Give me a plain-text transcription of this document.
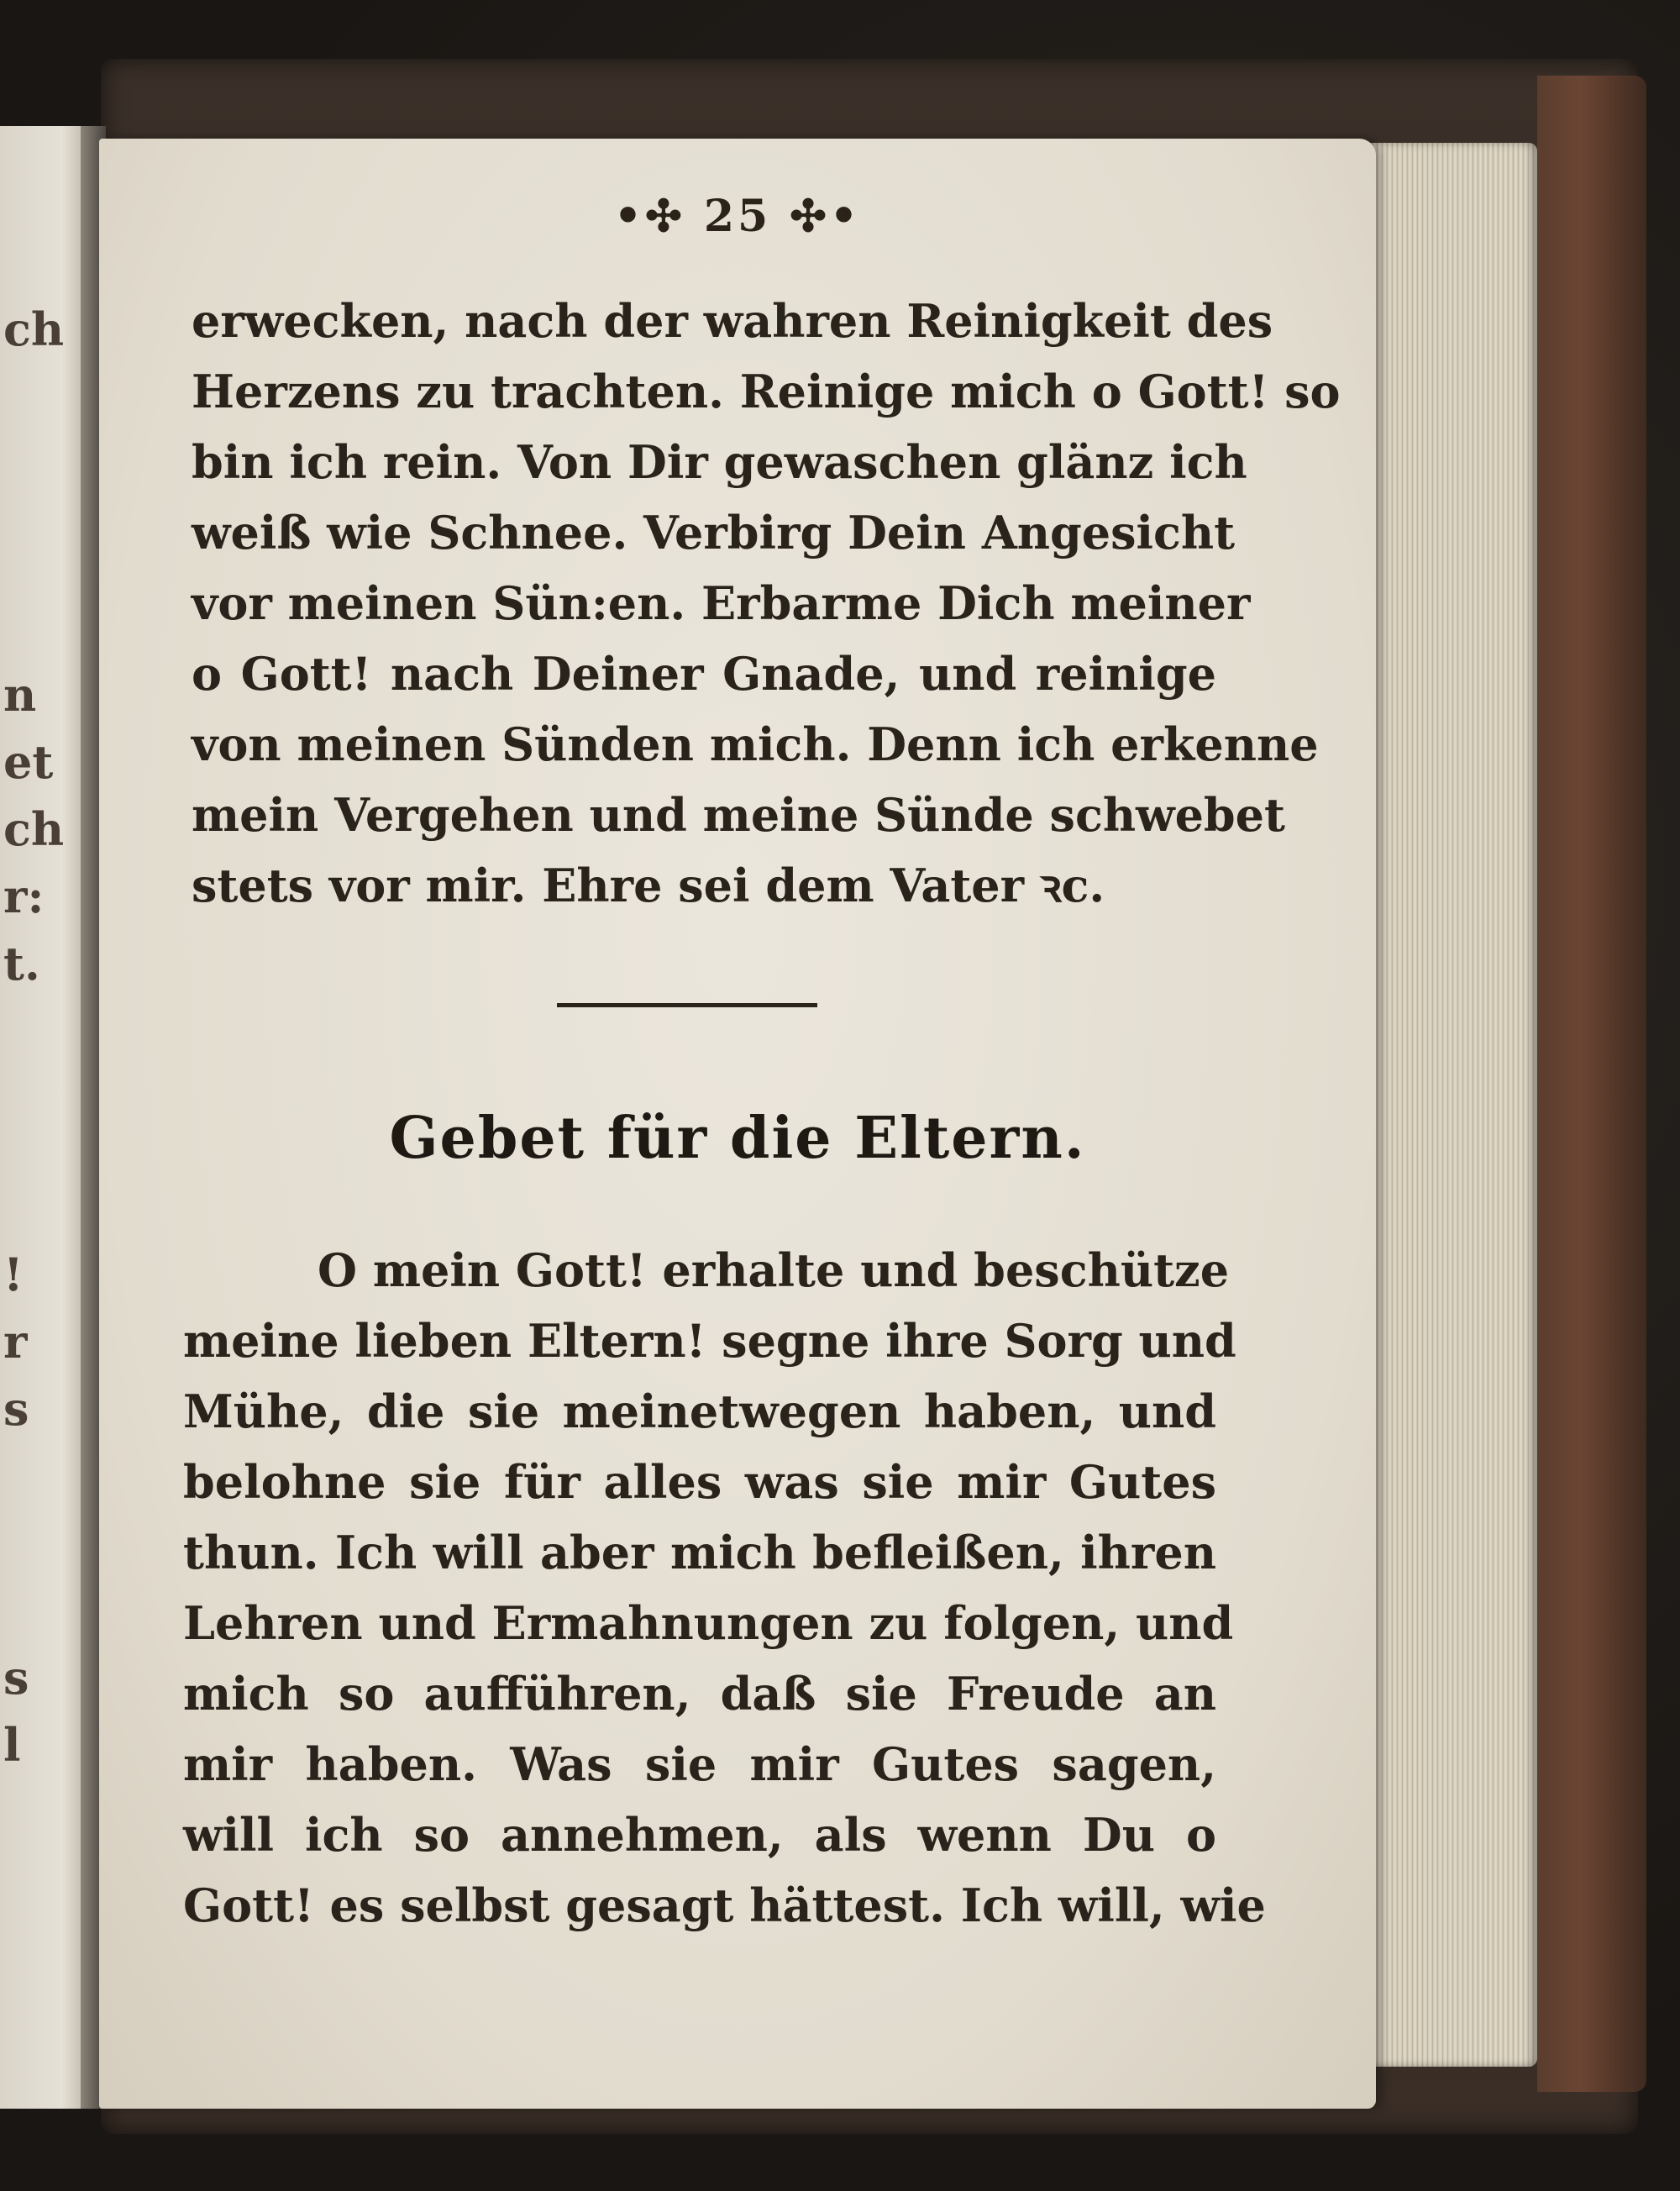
ch
n
et
ch
r:
t.
!
r
s
s
l
•✣ 25 ✣•
erwecken, nach der wahren Reinigkeit des
Herzens zu trachten. Reinige mich o Gott! so
bin ich rein. Von Dir gewaschen glänz ich
weiß wie Schnee. Verbirg Dein Angesicht
vor meinen Sün:en. Erbarme Dich meiner
o Gott! nach Deiner Gnade, und reinige
von meinen Sünden mich. Denn ich erkenne
mein Vergehen und meine Sünde schwebet
stets vor mir. Ehre sei dem Vater ꝛc.
Gebet für die Eltern.
O mein Gott! erhalte und beschütze
meine lieben Eltern! segne ihre Sorg und
Mühe, die sie meinetwegen haben, und
belohne sie für alles was sie mir Gutes
thun. Ich will aber mich befleißen, ihren
Lehren und Ermahnungen zu folgen, und
mich so aufführen, daß sie Freude an
mir haben. Was sie mir Gutes sagen,
will ich so annehmen, als wenn Du o
Gott! es selbst gesagt hättest. Ich will, wie
